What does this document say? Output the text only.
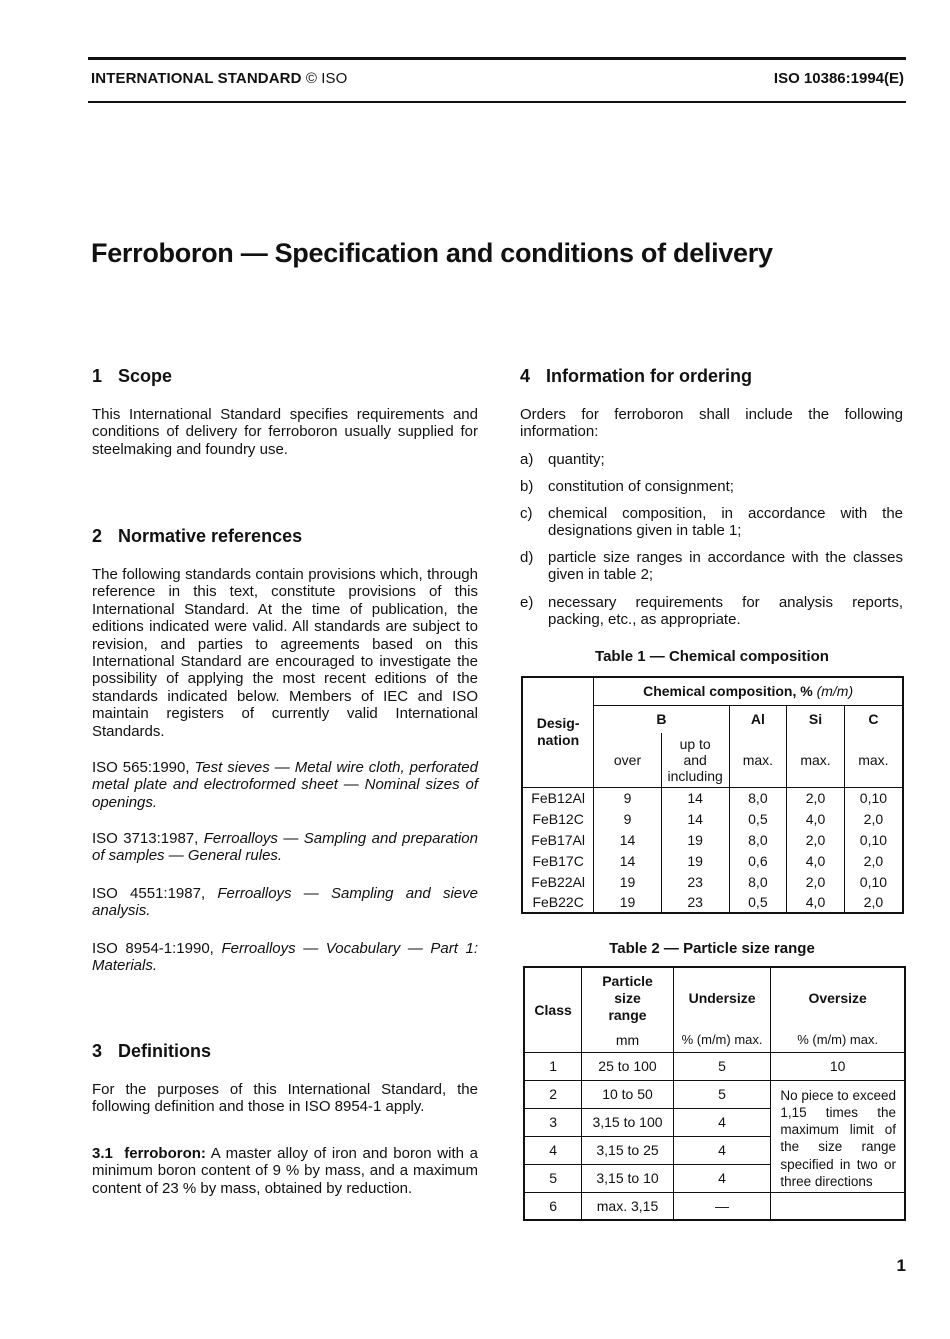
INTERNATIONAL STANDARD © ISO	ISO 10386:1994(E)
Ferroboron — Specification and conditions of delivery
1 Scope

This International Standard specifies requirements and conditions of delivery for ferroboron usually supplied for steelmaking and foundry use.

2 Normative references

The following standards contain provisions which, through reference in this text, constitute provisions of this International Standard. At the time of publication, the editions indicated were valid. All standards are subject to revision, and parties to agreements based on this International Standard are encouraged to investigate the possibility of applying the most recent editions of the standards indicated below. Members of IEC and ISO maintain registers of currently valid International Standards.

ISO 565:1990, Test sieves — Metal wire cloth, perforated metal plate and electroformed sheet — Nominal sizes of openings.

ISO 3713:1987, Ferroalloys — Sampling and preparation of samples — General rules.

ISO 4551:1987, Ferroalloys — Sampling and sieve analysis.

ISO 8954-1:1990, Ferroalloys — Vocabulary — Part 1: Materials.

3 Definitions

For the purposes of this International Standard, the following definition and those in ISO 8954-1 apply.

3.1 ferroboron: A master alloy of iron and boron with a minimum boron content of 9 % by mass, and a maximum content of 23 % by mass, obtained by reduction.

4 Information for ordering

Orders for ferroboron shall include the following information:

a) quantity;
b) constitution of consignment;
c) chemical composition, in accordance with the designations given in table 1;
d) particle size ranges in accordance with the classes given in table 2;
e) necessary requirements for analysis reports, packing, etc., as appropriate.
Table 1 — Chemical composition
Desig-nation	Chemical composition, % (m/m)				
	B		Al	Si	C
	over	up to and including	max.	max.	max.
FeB12Al	9	14	8,0	2,0	0,10
FeB12C	9	14	0,5	4,0	2,0
FeB17Al	14	19	8,0	2,0	0,10
FeB17C	14	19	0,6	4,0	2,0
FeB22Al	19	23	8,0	2,0	0,10
FeB22C	19	23	0,5	4,0	2,0
Table 2 — Particle size range
Class	Particle size range	Undersize	Oversize
	mm	% (m/m) max.	% (m/m) max.
1	25 to 100	5	10
2	10 to 50	5	No piece to exceed 1,15 times the maximum limit of the size range specified in two or three directions
3	3,15 to 100	4	
4	3,15 to 25	4	
5	3,15 to 10	4	
6	max. 3,15	—	
1
